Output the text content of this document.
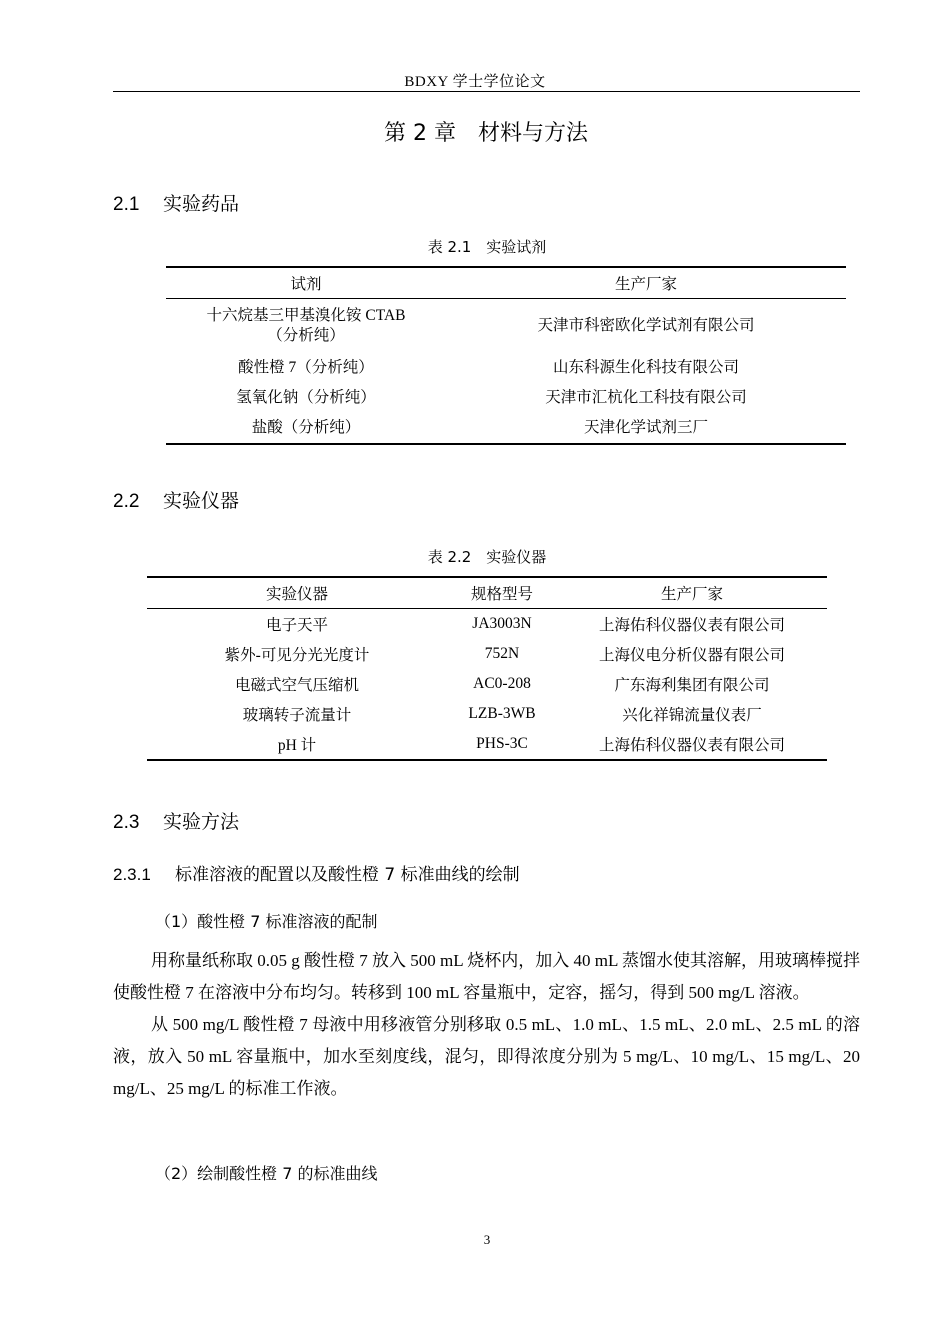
BDXY 学士学位论文
第 2 章　材料与方法
2.1 实验药品
表 2.1　实验试剂
试剂	生产厂家

十六烷基三甲基溴化铵 CTAB
（分析纯）	天津市科密欧化学试剂有限公司
酸性橙 7（分析纯）	山东科源生化科技有限公司
氢氧化钠（分析纯）	天津市汇杭化工科技有限公司
盐酸（分析纯）	天津化学试剂三厂
2.2 实验仪器
表 2.2　实验仪器
实验仪器	规格型号	生产厂家
电子天平	JA3003N	上海佑科仪器仪表有限公司
紫外-可见分光光度计	752N	上海仪电分析仪器有限公司
电磁式空气压缩机	AC0-208	广东海利集团有限公司
玻璃转子流量计	LZB-3WB	兴化祥锦流量仪表厂
pH 计	PHS-3C	上海佑科仪器仪表有限公司
2.3 实验方法
2.3.1 标准溶液的配置以及酸性橙 7 标准曲线的绘制
（1）酸性橙 7 标准溶液的配制

用称量纸称取 0.05 g 酸性橙 7 放入 500 mL 烧杯内，加入 40 mL 蒸馏水使其溶解，用玻璃棒搅拌使酸性橙 7 在溶液中分布均匀。转移到 100 mL 容量瓶中，定容，摇匀，得到 500 mg/L 溶液。

从 500 mg/L 酸性橙 7 母液中用移液管分别移取 0.5 mL、1.0 mL、1.5 mL、2.0 mL、2.5 mL 的溶液，放入 50 mL 容量瓶中，加水至刻度线，混匀，即得浓度分别为 5 mg/L、10 mg/L、15 mg/L、20 mg/L、25 mg/L 的标准工作液。

（2）绘制酸性橙 7 的标准曲线
3
